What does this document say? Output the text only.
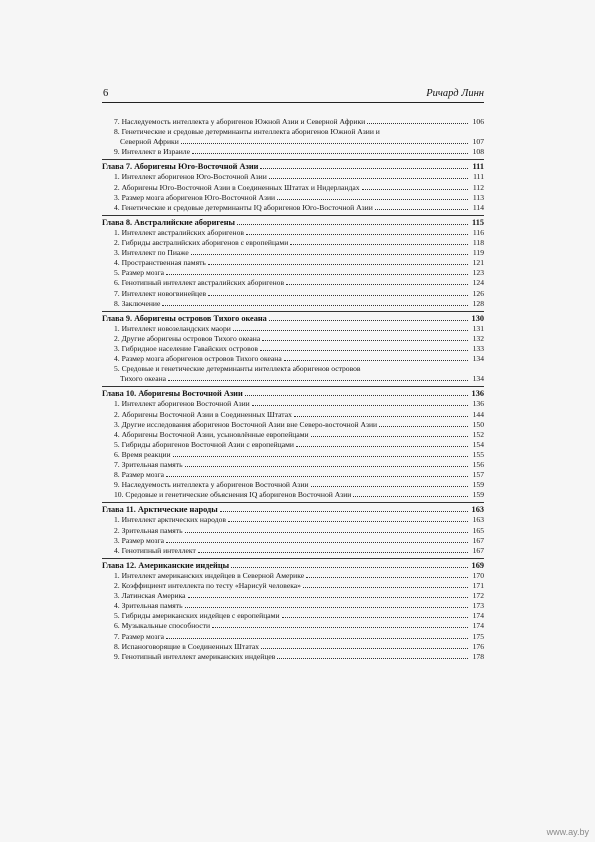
6	Ричард Линн
7. Наследуемость интеллекта у аборигенов Южной Азии и Северной Африки	106
8. Генетические и средовые детерминанты интеллекта аборигенов Южной Азии и
Северной Африки	107
9. Интеллект в Израиле	108
Глава 7. Аборигены Юго-Восточной Азии	111
1. Интеллект аборигенов Юго-Восточной Азии	111
2. Аборигены Юго-Восточной Азии в Соединенных Штатах и Нидерландах	112
3. Размер мозга аборигенов Юго-Восточной Азии	113
4. Генетические и средовые детерминанты IQ аборигенов Юго-Восточной Азии	114
Глава 8. Австралийские аборигены	115
1. Интеллект австралийских аборигенов	116
2. Гибриды австралийских аборигенов с европейцами	118
3. Интеллект по Пиаже	119
4. Пространственная память	121
5. Размер мозга	123
6. Генотипный интеллект австралийских аборигенов	124
7. Интеллект новогвинейцев	126
8. Заключение	128
Глава 9. Аборигены островов Тихого океана	130
1. Интеллект новозеландских маори	131
2. Другие аборигены островов Тихого океана	132
3. Гибридное население Гавайских островов	133
4. Размер мозга аборигенов островов Тихого океана	134
5. Средовые и генетические детерминанты интеллекта аборигенов островов
Тихого океана	134
Глава 10. Аборигены Восточной Азии	136
1. Интеллект аборигенов Восточной Азии	136
2. Аборигены Восточной Азии в Соединенных Штатах	144
3. Другие исследования аборигенов Восточной Азии вне Северо-восточной Азии	150
4. Аборигены Восточной Азии, усыновлённые европейцами	152
5. Гибриды аборигенов Восточной Азии с европейцами	154
6. Время реакции	155
7. Зрительная память	156
8. Размер мозга	157
9. Наследуемость интеллекта у аборигенов Восточной Азии	159
10. Средовые и генетические объяснения IQ аборигенов Восточной Азии	159
Глава 11. Арктические народы	163
1. Интеллект арктических народов	163
2. Зрительная память	165
3. Размер мозга	167
4. Генотипный интеллект	167
Глава 12. Американские индейцы	169
1. Интеллект американских индейцев в Северной Америке	170
2. Коэффициент интеллекта по тесту «Нарисуй человека»	171
3. Латинская Америка	172
4. Зрительная память	173
5. Гибриды американских индейцев с европейцами	174
6. Музыкальные способности	174
7. Размер мозга	175
8. Испаноговорящие в Соединенных Штатах	176
9. Генотипный интеллект американских индейцев	178
www.ay.by
